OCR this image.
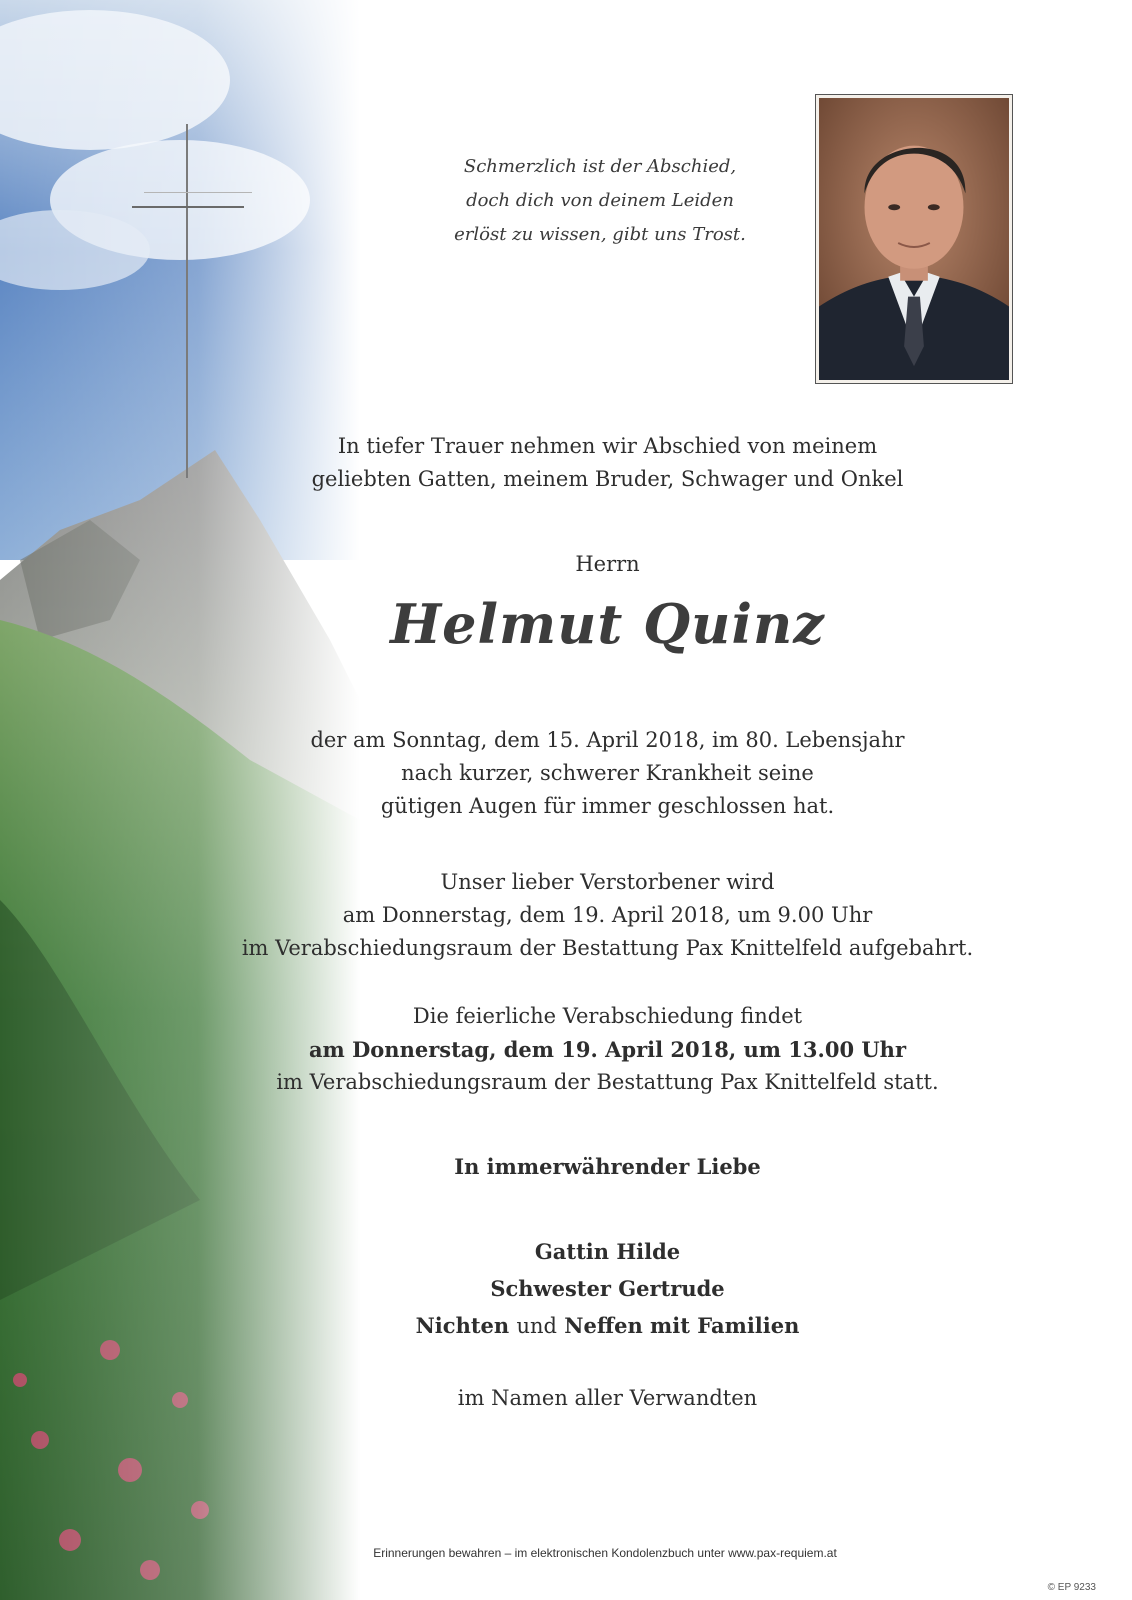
Schmerzlich ist der Abschied,
doch dich von deinem Leiden
erlöst zu wissen, gibt uns Trost.
In tiefer Trauer nehmen wir Abschied von meinem
geliebten Gatten, meinem Bruder, Schwager und Onkel
Herrn
Helmut Quinz
der am Sonntag, dem 15. April 2018, im 80. Lebensjahr
nach kurzer, schwerer Krankheit seine
gütigen Augen für immer geschlossen hat.
Unser lieber Verstorbener wird
am Donnerstag, dem 19. April 2018, um 9.00 Uhr
im Verabschiedungsraum der Bestattung Pax Knittelfeld aufgebahrt.
Die feierliche Verabschiedung findet
am Donnerstag, dem 19. April 2018, um 13.00 Uhr
im Verabschiedungsraum der Bestattung Pax Knittelfeld statt.
In immerwährender Liebe
Gattin Hilde
Schwester Gertrude
Nichten und Neffen mit Familien
im Namen aller Verwandten
Erinnerungen bewahren – im elektronischen Kondolenzbuch unter www.pax-requiem.at
© EP 9233
